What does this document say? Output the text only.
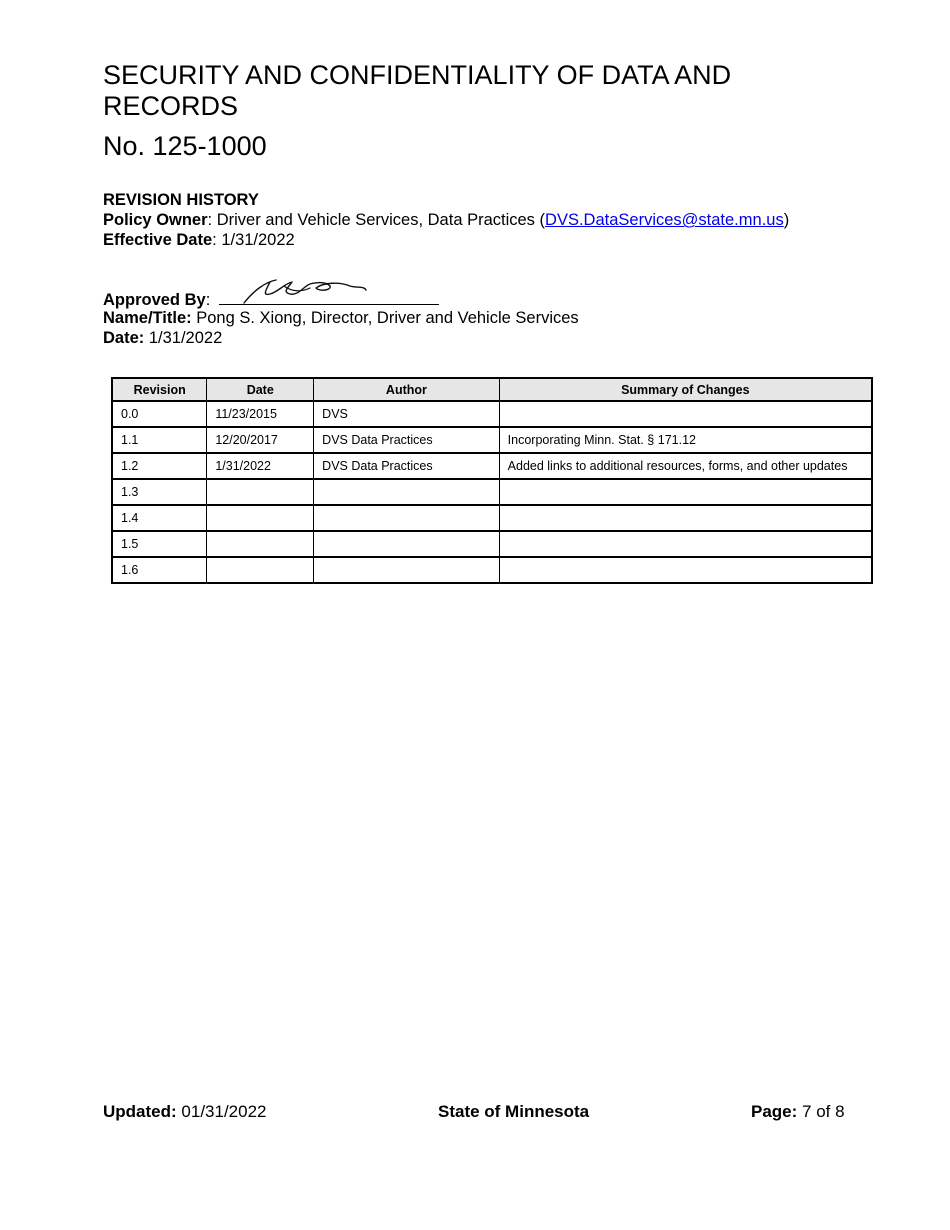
SECURITY AND CONFIDENTIALITY OF DATA AND RECORDS
No. 125-1000
REVISION HISTORY
Policy Owner: Driver and Vehicle Services, Data Practices (DVS.DataServices@state.mn.us)
Effective Date: 1/31/2022
Approved By:
Name/Title: Pong S. Xiong, Director, Driver and Vehicle Services
Date: 1/31/2022
Revision	Date	Author	Summary of Changes
0.0	11/23/2015	DVS	
1.1	12/20/2017	DVS Data Practices	Incorporating Minn. Stat. § 171.12
1.2	1/31/2022	DVS Data Practices	Added links to additional resources, forms, and other updates
1.3			
1.4			
1.5			
1.6			
Updated: 01/31/2022	State of Minnesota	Page: 7 of 8
